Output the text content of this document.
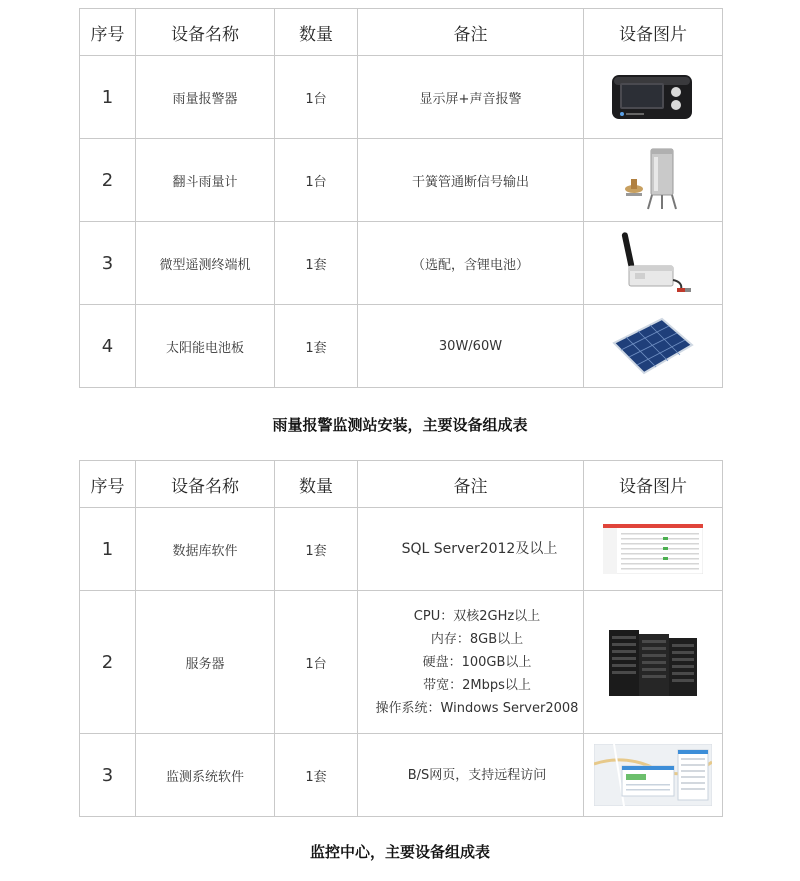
序号	设备名称	数量	备注	设备图片
1	雨量报警器	1台	显示屏+声音报警	

2	翻斗雨量计	1台	干簧管通断信号输出	

3	微型遥测终端机	1套	（选配，含锂电池）	

4	太阳能电池板	1套	30W/60W	
雨量报警监测站安装，主要设备组成表
序号	设备名称	数量	备注	设备图片
1	数据库软件	1套	SQL Server2012及以上

2	服务器	1台	CPU：双核2GHz以上
内存：8GB以上
硬盘：100GB以上
带宽：2Mbps以上
操作系统：Windows Server2008

3	监测系统软件	1套	B/S网页，支持远程访问

监控中心，主要设备组成表
